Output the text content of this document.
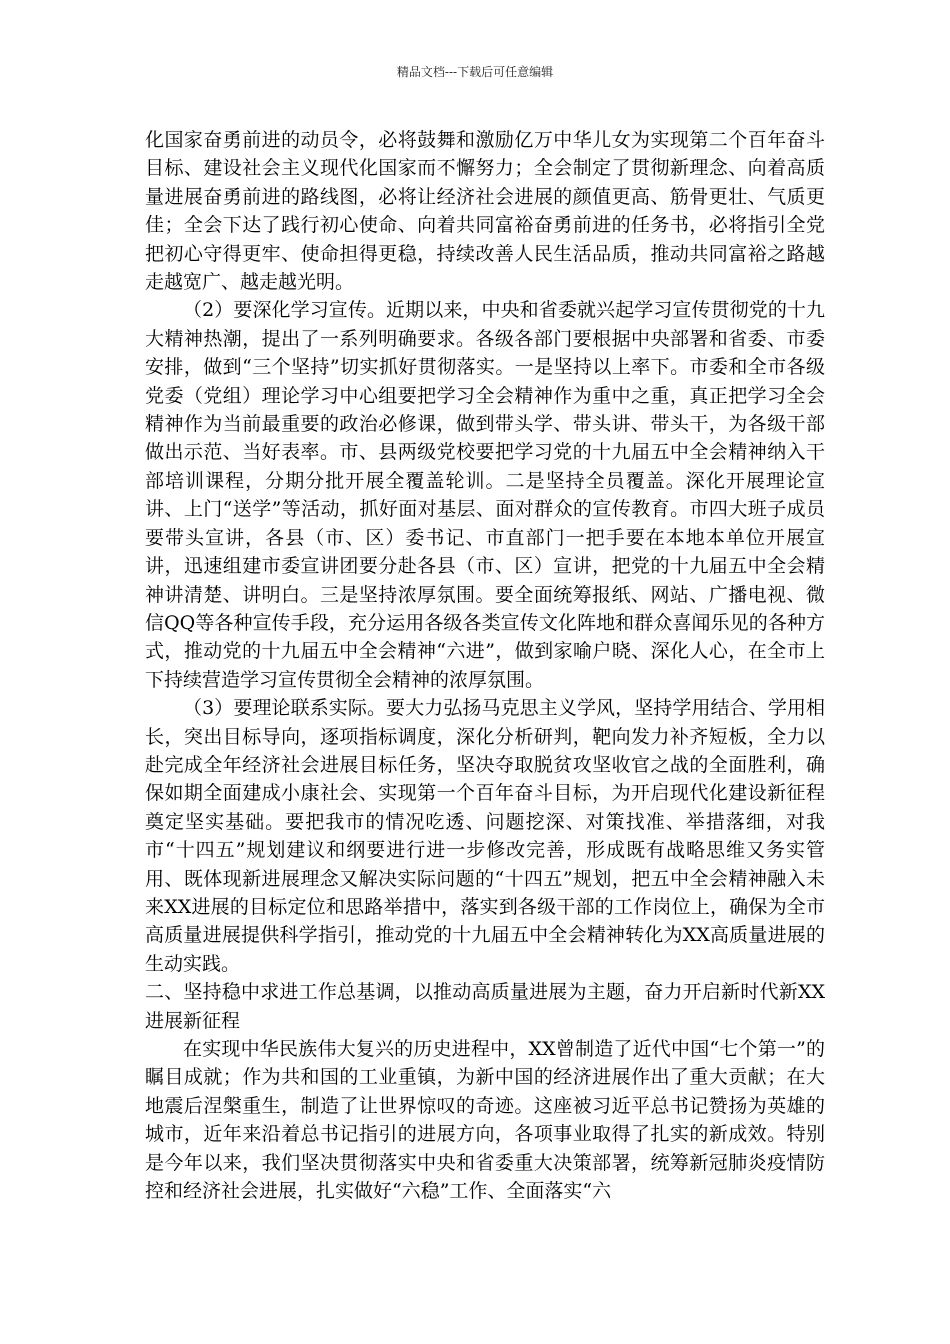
精品文档---下载后可任意编辑

化国家奋勇前进的动员令，必将鼓舞和激励亿万中华儿女为实现第二个百年奋斗目标、建设社会主义现代化国家而不懈努力；全会制定了贯彻新理念、向着高质量进展奋勇前进的路线图，必将让经济社会进展的颜值更高、筋骨更壮、气质更佳；全会下达了践行初心使命、向着共同富裕奋勇前进的任务书，必将指引全党把初心守得更牢、使命担得更稳，持续改善人民生活品质，推动共同富裕之路越走越宽广、越走越光明。

（2）要深化学习宣传。近期以来，中央和省委就兴起学习宣传贯彻党的十九大精神热潮，提出了一系列明确要求。各级各部门要根据中央部署和省委、市委安排，做到“三个坚持”切实抓好贯彻落实。一是坚持以上率下。市委和全市各级党委（党组）理论学习中心组要把学习全会精神作为重中之重，真正把学习全会精神作为当前最重要的政治必修课，做到带头学、带头讲、带头干，为各级干部做出示范、当好表率。市、县两级党校要把学习党的十九届五中全会精神纳入干部培训课程，分期分批开展全覆盖轮训。二是坚持全员覆盖。深化开展理论宣讲、上门“送学”等活动，抓好面对基层、面对群众的宣传教育。市四大班子成员要带头宣讲，各县（市、区）委书记、市直部门一把手要在本地本单位开展宣讲，迅速组建市委宣讲团要分赴各县（市、区）宣讲，把党的十九届五中全会精神讲清楚、讲明白。三是坚持浓厚氛围。要全面统筹报纸、网站、广播电视、微信QQ等各种宣传手段，充分运用各级各类宣传文化阵地和群众喜闻乐见的各种方式，推动党的十九届五中全会精神“六进”，做到家喻户晓、深化人心，在全市上下持续营造学习宣传贯彻全会精神的浓厚氛围。

（3）要理论联系实际。要大力弘扬马克思主义学风，坚持学用结合、学用相长，突出目标导向，逐项指标调度，深化分析研判，靶向发力补齐短板，全力以赴完成全年经济社会进展目标任务，坚决夺取脱贫攻坚收官之战的全面胜利，确保如期全面建成小康社会、实现第一个百年奋斗目标，为开启现代化建设新征程奠定坚实基础。要把我市的情况吃透、问题挖深、对策找准、举措落细，对我市“十四五”规划建议和纲要进行进一步修改完善，形成既有战略思维又务实管用、既体现新进展理念又解决实际问题的“十四五”规划，把五中全会精神融入未来XX进展的目标定位和思路举措中，落实到各级干部的工作岗位上，确保为全市高质量进展提供科学指引，推动党的十九届五中全会精神转化为XX高质量进展的生动实践。

二、坚持稳中求进工作总基调，以推动高质量进展为主题，奋力开启新时代新XX进展新征程

在实现中华民族伟大复兴的历史进程中，XX曾制造了近代中国“七个第一”的瞩目成就；作为共和国的工业重镇，为新中国的经济进展作出了重大贡献；在大地震后涅槃重生，制造了让世界惊叹的奇迹。这座被习近平总书记赞扬为英雄的城市，近年来沿着总书记指引的进展方向，各项事业取得了扎实的新成效。特别是今年以来，我们坚决贯彻落实中央和省委重大决策部署，统筹新冠肺炎疫情防控和经济社会进展，扎实做好“六稳”工作、全面落实“六
